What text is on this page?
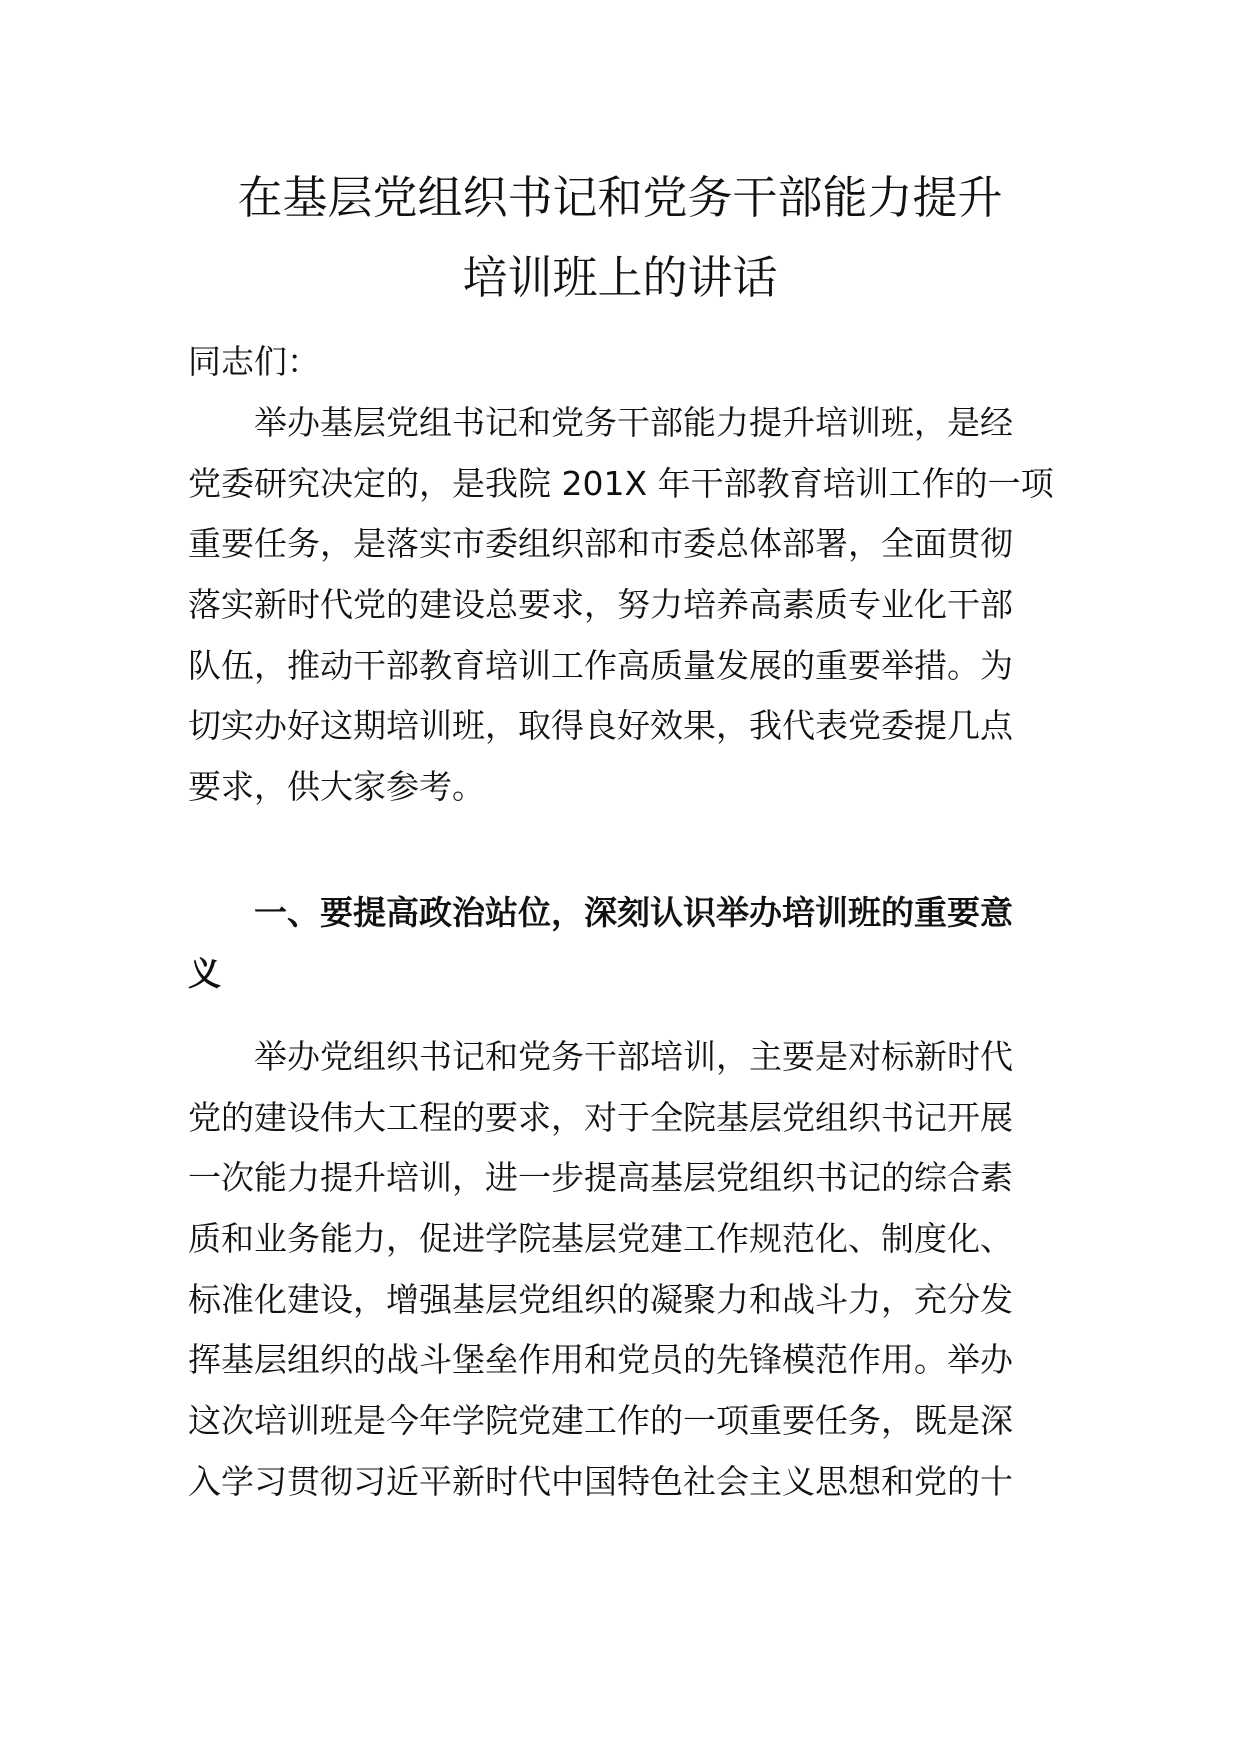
在基层党组织书记和党务干部能力提升
培训班上的讲话
同志们：
举办基层党组书记和党务干部能力提升培训班，是经
党委研究决定的，是我院 201X 年干部教育培训工作的一项
重要任务，是落实市委组织部和市委总体部署，全面贯彻
落实新时代党的建设总要求，努力培养高素质专业化干部
队伍，推动干部教育培训工作高质量发展的重要举措。为
切实办好这期培训班，取得良好效果，我代表党委提几点
要求，供大家参考。
一、要提高政治站位，深刻认识举办培训班的重要意
义
举办党组织书记和党务干部培训，主要是对标新时代
党的建设伟大工程的要求，对于全院基层党组织书记开展
一次能力提升培训，进一步提高基层党组织书记的综合素
质和业务能力，促进学院基层党建工作规范化、制度化、
标准化建设，增强基层党组织的凝聚力和战斗力，充分发
挥基层组织的战斗堡垒作用和党员的先锋模范作用。举办
这次培训班是今年学院党建工作的一项重要任务，既是深
入学习贯彻习近平新时代中国特色社会主义思想和党的十
